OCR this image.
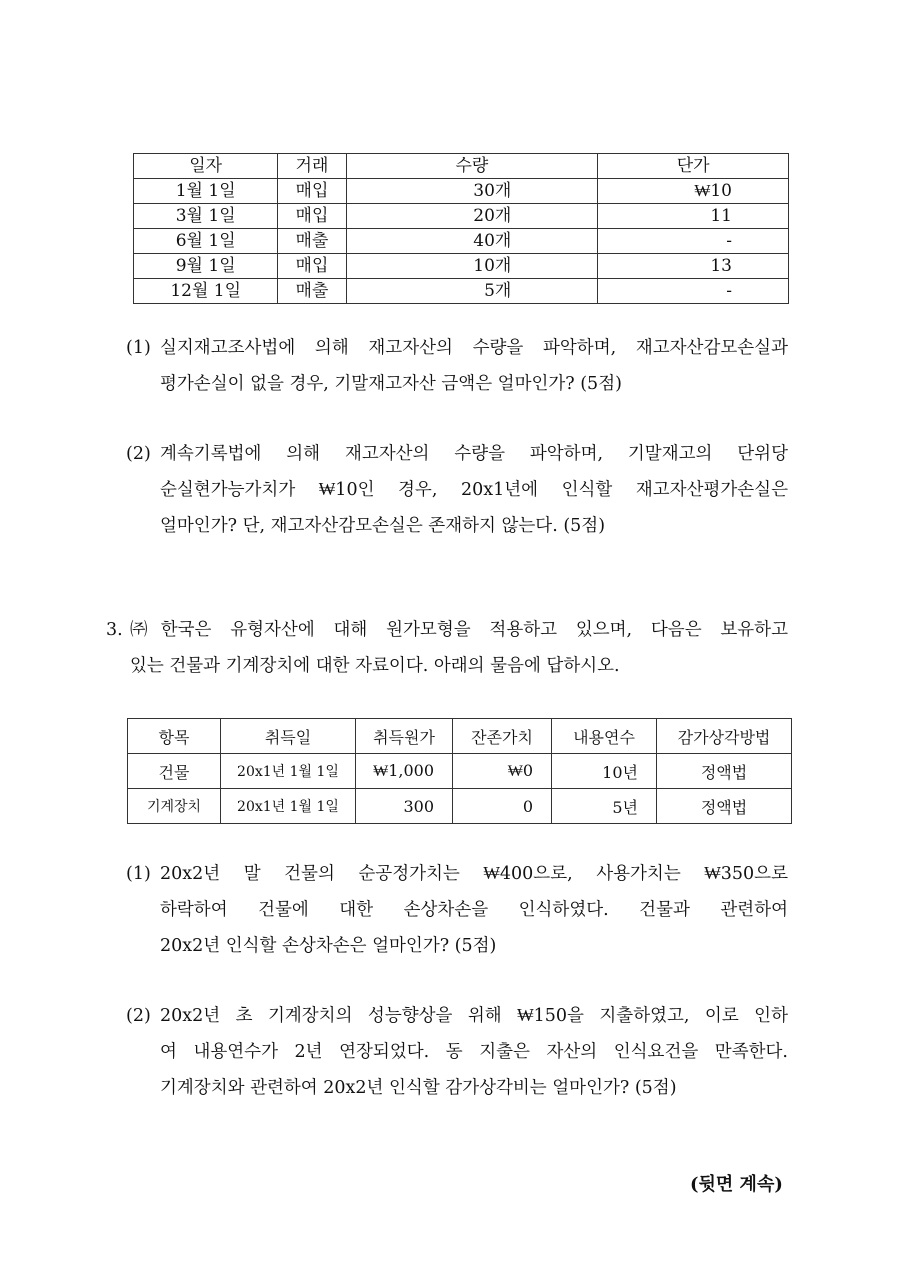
일자	거래	수량	단가
1월 1일	매입	30개	₩10
3월 1일	매입	20개	11
6월 1일	매출	40개	-
9월 1일	매입	10개	13
12월 1일	매출	5개	-
(1) 실지재고조사법에 의해 재고자산의 수량을 파악하며, 재고자산감모손실과
평가손실이 없을 경우, 기말재고자산 금액은 얼마인가? (5점)
(2) 계속기록법에 의해 재고자산의 수량을 파악하며, 기말재고의 단위당
순실현가능가치가 ₩10인 경우, 20x1년에 인식할 재고자산평가손실은
얼마인가? 단, 재고자산감모손실은 존재하지 않는다. (5점)
3. ㈜한국은 유형자산에 대해 원가모형을 적용하고 있으며, 다음은 보유하고
있는 건물과 기계장치에 대한 자료이다. 아래의 물음에 답하시오.
항목	취득일	취득원가	잔존가치	내용연수	감가상각방법
건물	20x1년 1월 1일	₩1,000	₩0	10년	정액법
기계장치	20x1년 1월 1일	300	0	5년	정액법
(1) 20x2년 말 건물의 순공정가치는 ₩400으로, 사용가치는 ₩350으로
하락하여 건물에 대한 손상차손을 인식하였다. 건물과 관련하여
20x2년 인식할 손상차손은 얼마인가? (5점)
(2) 20x2년 초 기계장치의 성능향상을 위해 ₩150을 지출하였고, 이로 인하
여 내용연수가 2년 연장되었다. 동 지출은 자산의 인식요건을 만족한다.
기계장치와 관련하여 20x2년 인식할 감가상각비는 얼마인가? (5점)
(뒷면 계속)
